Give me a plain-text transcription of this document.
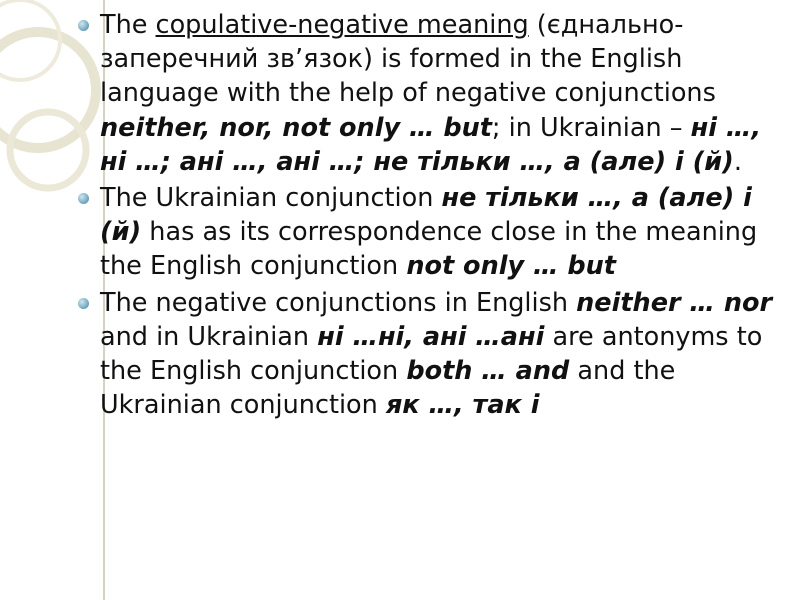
The copulative-negative meaning (єднально-заперечний зв’язок) is formed in the English language with the help of negative conjunctions neither, nor, not only … but; in Ukrainian – ні …, ні …; ані …, ані …; не тільки …, а (але) і (й).
The Ukrainian conjunction не тільки …, а (але) і (й) has as its correspondence close in the meaning the English conjunction not only … but
The negative conjunctions in English neither … nor and in Ukrainian ні …ні, ані …ані are antonyms to the English conjunction both … and and the Ukrainian conjunction як …, так і
